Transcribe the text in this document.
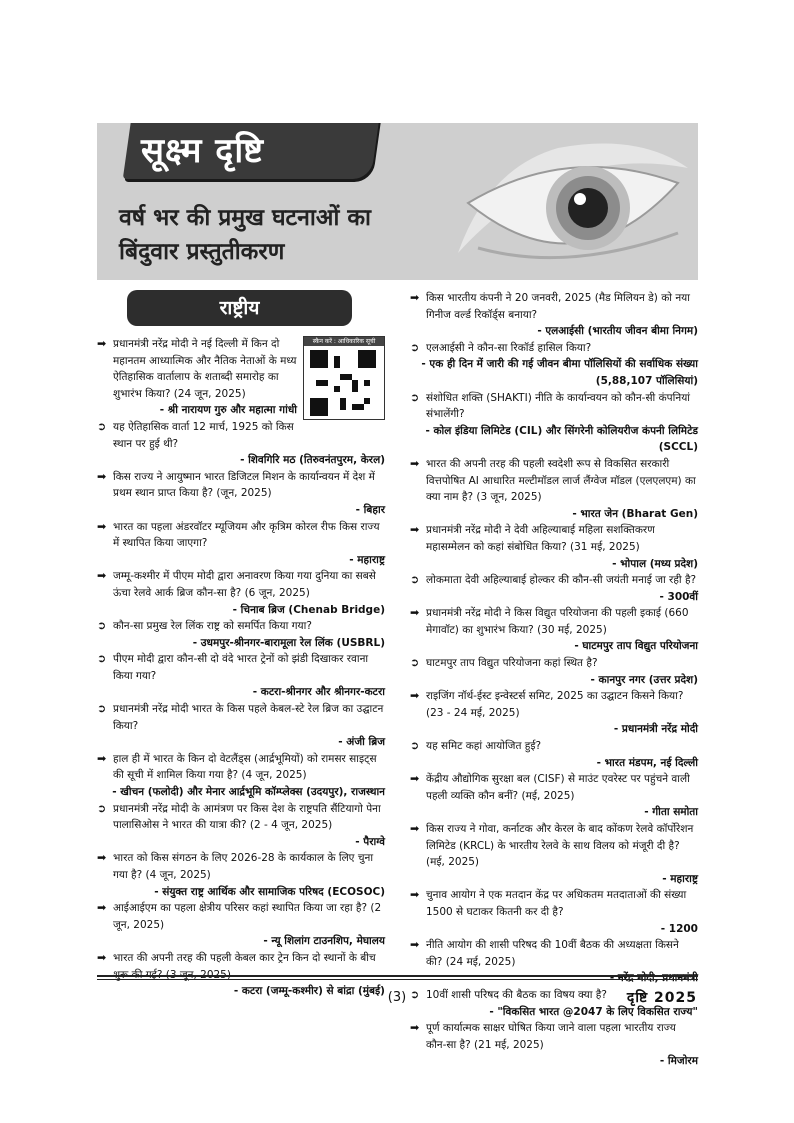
सूक्ष्म दृष्टि
वर्ष भर की प्रमुख घटनाओं का
बिंदुवार प्रस्तुतीकरण
राष्ट्रीय
स्कैन करें : आधिकारिक सूची
➡ प्रधानमंत्री नरेंद्र मोदी ने नई दिल्ली में किन दो महानतम आध्यात्मिक और नैतिक नेताओं के मध्य ऐतिहासिक वार्तालाप के शताब्दी समारोह का शुभारंभ किया? (24 जून, 2025)
- श्री नारायण गुरु और महात्मा गांधी
➲ यह ऐतिहासिक वार्ता 12 मार्च, 1925 को किस स्थान पर हुई थी?
- शिवगिरि मठ (तिरुवनंतपुरम, केरल)
➡ किस राज्य ने आयुष्मान भारत डिजिटल मिशन के कार्यान्वयन में देश में प्रथम स्थान प्राप्त किया है? (जून, 2025)
- बिहार
➡ भारत का पहला अंडरवॉटर म्यूजियम और कृत्रिम कोरल रीफ किस राज्य में स्थापित किया जाएगा?
- महाराष्ट्र
➡ जम्मू-कश्मीर में पीएम मोदी द्वारा अनावरण किया गया दुनिया का सबसे ऊंचा रेलवे आर्क ब्रिज कौन-सा है? (6 जून, 2025)
- चिनाब ब्रिज (Chenab Bridge)
➲ कौन-सा प्रमुख रेल लिंक राष्ट्र को समर्पित किया गया?
- उधमपुर-श्रीनगर-बारामूला रेल लिंक (USBRL)
➲ पीएम मोदी द्वारा कौन-सी दो वंदे भारत ट्रेनों को झंडी दिखाकर रवाना किया गया?
- कटरा-श्रीनगर और श्रीनगर-कटरा
➲ प्रधानमंत्री नरेंद्र मोदी भारत के किस पहले केबल-स्टे रेल ब्रिज का उद्घाटन किया?
- अंजी ब्रिज
➡ हाल ही में भारत के किन दो वेटलैंड्स (आर्द्रभूमियों) को रामसर साइट्स की सूची में शामिल किया गया है? (4 जून, 2025)
- खीचन (फलोदी) और मेनार आर्द्रभूमि कॉम्प्लेक्स (उदयपुर), राजस्थान
➲ प्रधानमंत्री नरेंद्र मोदी के आमंत्रण पर किस देश के राष्ट्रपति सैंटियागो पेना पालासिओस ने भारत की यात्रा की? (2 - 4 जून, 2025)
- पैराग्वे
➡ भारत को किस संगठन के लिए 2026-28 के कार्यकाल के लिए चुना गया है? (4 जून, 2025)
- संयुक्त राष्ट्र आर्थिक और सामाजिक परिषद (ECOSOC)
➡ आईआईएम का पहला क्षेत्रीय परिसर कहां स्थापित किया जा रहा है? (2 जून, 2025)
- न्यू शिलांग टाउनशिप, मेघालय
➡ भारत की अपनी तरह की पहली केबल कार ट्रेन किन दो स्थानों के बीच
- कटरा (जम्मू-कश्मीर) से बांद्रा (मुंबई)
➡ किस भारतीय कंपनी ने 20 जनवरी, 2025 (मैड मिलियन डे) को नया गिनीज वर्ल्ड रिकॉर्ड्स बनाया?
- एलआईसी (भारतीय जीवन बीमा निगम)
➲ एलआईसी ने कौन-सा रिकॉर्ड हासिल किया?
- एक ही दिन में जारी की गई जीवन बीमा पॉलिसियों की सर्वाधिक संख्या (5,88,107 पॉलिसियां)
➲ संशोधित शक्ति (SHAKTI) नीति के कार्यान्वयन को कौन-सी कंपनियां संभालेंगी?
- कोल इंडिया लिमिटेड (CIL) और सिंगरेनी कोलियरीज कंपनी लिमिटेड (SCCL)
➡ भारत की अपनी तरह की पहली स्वदेशी रूप से विकसित सरकारी वित्तपोषित AI आधारित मल्टीमॉडल लार्ज लैंग्वेज मॉडल (एलएलएम) का क्या नाम है? (3 जून, 2025)
- भारत जेन (Bharat Gen)
➡ प्रधानमंत्री नरेंद्र मोदी ने देवी अहिल्याबाई महिला सशक्तिकरण महासम्मेलन को कहां संबोधित किया? (31 मई, 2025)
- भोपाल (मध्य प्रदेश)
➲ लोकमाता देवी अहिल्याबाई होल्कर की कौन-सी जयंती मनाई जा रही है?
- 300वीं
➡ प्रधानमंत्री नरेंद्र मोदी ने किस विद्युत परियोजना की पहली इकाई (660 मेगावॉट) का शुभारंभ किया? (30 मई, 2025)
- घाटमपुर ताप विद्युत परियोजना
➲ घाटमपुर ताप विद्युत परियोजना कहां स्थित है?
- कानपुर नगर (उत्तर प्रदेश)
➡ राइजिंग नॉर्थ-ईस्ट इन्वेस्टर्स समिट, 2025 का उद्घाटन किसने किया? (23 - 24 मई, 2025)
- प्रधानमंत्री नरेंद्र मोदी
➲ यह समिट कहां आयोजित हुई?
- भारत मंडपम, नई दिल्ली
➡ केंद्रीय औद्योगिक सुरक्षा बल (CISF) से माउंट एवरेस्ट पर पहुंचने वाली पहली व्यक्ति कौन बनीं? (मई, 2025)
- गीता समोता
➡ किस राज्य ने गोवा, कर्नाटक और केरल के बाद कोंकण रेलवे कॉर्पोरेशन लिमिटेड (KRCL) के भारतीय रेलवे के साथ विलय को मंजूरी दी है? (मई, 2025)
- महाराष्ट्र
➡ चुनाव आयोग ने एक मतदान केंद्र पर अधिकतम मतदाताओं की संख्या 1500 से घटाकर कितनी कर दी है?
- 1200
➡ नीति आयोग की शासी परिषद की 10वीं बैठक की अध्यक्षता किसने की? (24 मई, 2025)
➲ 10वीं शासी परिषद की बैठक का विषय क्या है?
- "विकसित भारत @2047 के लिए विकसित राज्य"
➡ पूर्ण कार्यात्मक साक्षर घोषित किया जाने वाला पहला भारतीय राज्य कौन-सा है? (21 मई, 2025)
- मिजोरम
(3)	दृष्टि 2025
